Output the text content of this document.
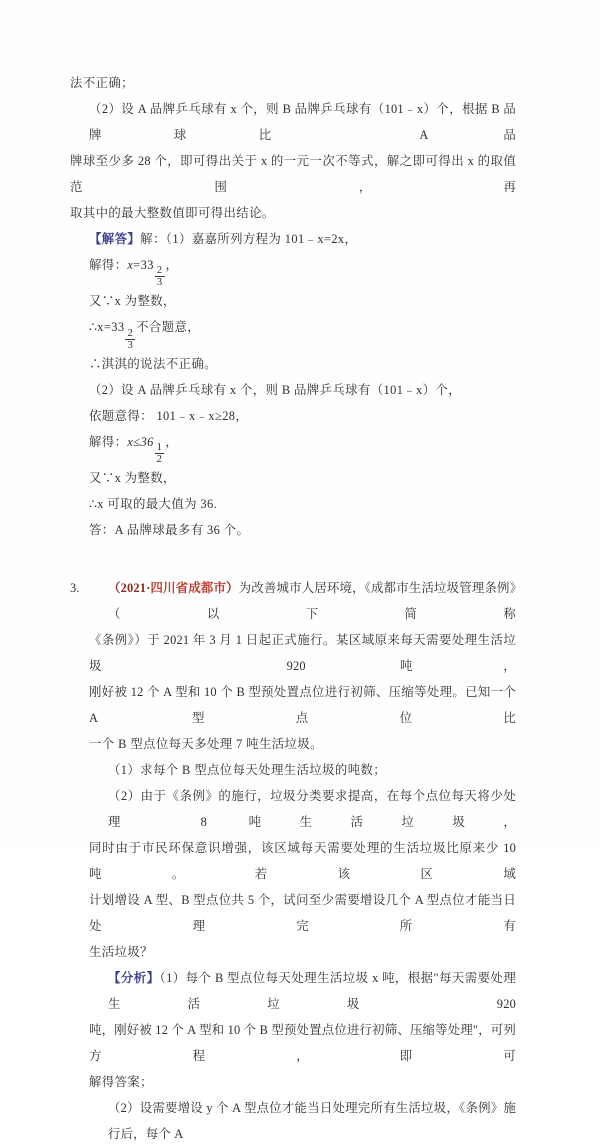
法不正确；
（2）设 A 品牌乒乓球有 x 个，则 B 品牌乒乓球有（101﹣x）个，根据 B 品牌球比 A 品
牌球至少多 28 个，即可得出关于 x 的一元一次不等式，解之即可得出 x 的取值范围，再
取其中的最大整数值即可得出结论。
【解答】解：（1）嘉嘉所列方程为 101﹣x=2x，
解得：x=33
$\frac{2}{3}$
，
又∵x 为整数，
∴x=33
$\frac{2}{3}$
不合题意，
∴淇淇的说法不正确。
（2）设 A 品牌乒乓球有 x 个，则 B 品牌乒乓球有（101﹣x）个，
依题意得： 101﹣x﹣x≥28，
解得：x≤36
$\frac{1}{2}$
，
又∵x 为整数，
∴x 可取的最大值为 36.
答：A 品牌球最多有 36 个。
3.	（2021·四川省成都市）为改善城市人居环境，《成都市生活垃圾管理条例》（以下简称
《条例》）于 2021 年 3 月 1 日起正式施行。某区域原来每天需要处理生活垃圾 920 吨，
刚好被 12 个 A 型和 10 个 B 型预处置点位进行初筛、压缩等处理。已知一个 A 型点位比
一个 B 型点位每天多处理 7 吨生活垃圾。
（1）求每个 B 型点位每天处理生活垃圾的吨数；
（2）由于《条例》的施行，垃圾分类要求提高，在每个点位每天将少处理 8 吨生活垃圾，
同时由于市民环保意识增强，该区域每天需要处理的生活垃圾比原来少 10 吨。若该区域
计划增设 A 型、B 型点位共 5 个，试问至少需要增设几个 A 型点位才能当日处理完所有
生活垃圾？
【分析】（1）每个 B 型点位每天处理生活垃圾 x 吨，根据"每天需要处理生活垃圾 920
吨，刚好被 12 个 A 型和 10 个 B 型预处置点位进行初筛、压缩等处理"，可列方程，即可
解得答案；
（2）设需要增设 y 个 A 型点位才能当日处理完所有生活垃圾，《条例》施行后，每个 A
